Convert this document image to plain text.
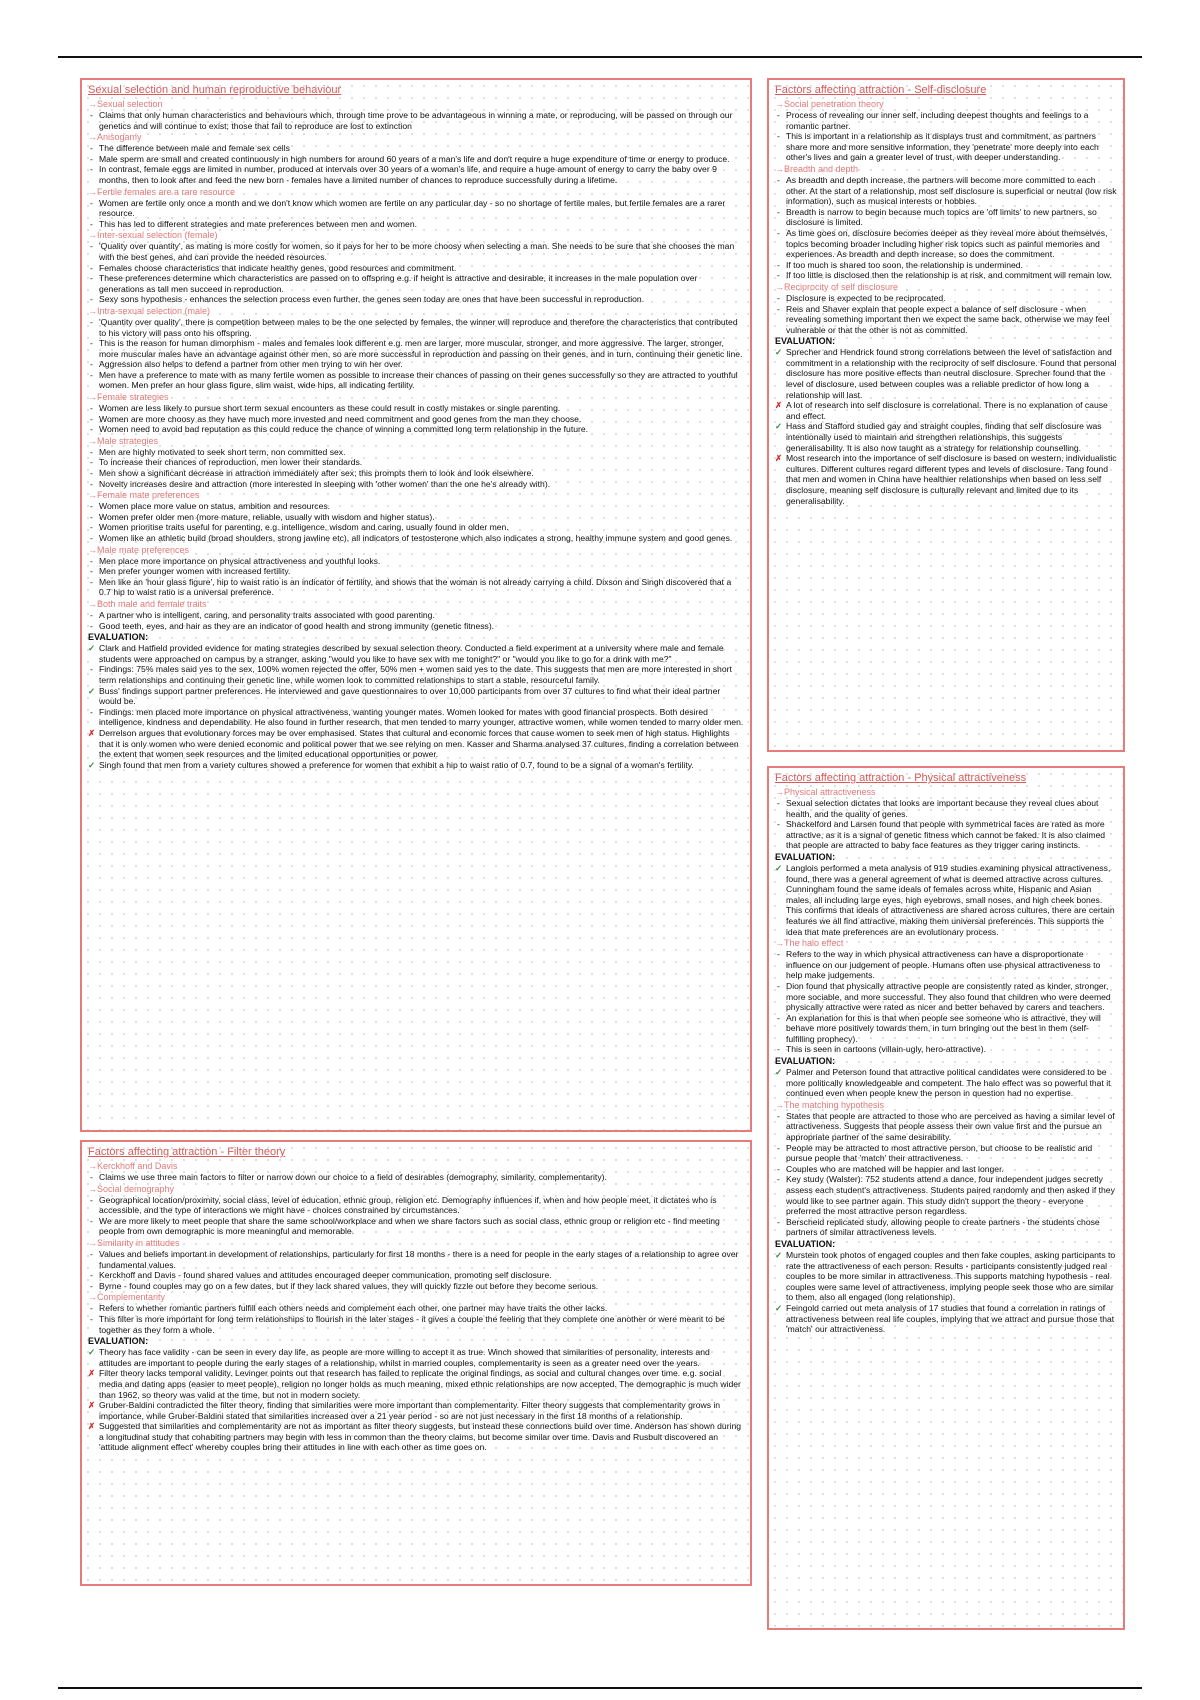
Sexual selection and human reproductive behaviour
→ Sexual selection
- Claims that only human characteristics and behaviours which, through time prove to be advantageous in winning a mate, or reproducing, will be passed on through our genetics and will continue to exist; those that fail to reproduce are lost to extinction
→ Anisogamy
- The difference between male and female sex cells
- Male sperm are small and created continuously in high numbers for around 60 years of a man's life and don't require a huge expenditure of time or energy to produce.
- In contrast, female eggs are limited in number, produced at intervals over 30 years of a woman's life, and require a huge amount of energy to carry the baby over 9 months, then to look after and feed the new born - females have a limited number of chances to reproduce successfully during a lifetime.
→ Fertile females are a rare resource
- Women are fertile only once a month and we don't know which women are fertile on any particular day - so no shortage of fertile males, but fertile females are a rarer resource.
- This has led to different strategies and mate preferences between men and women.
→ Inter-sexual selection (female)
- 'Quality over quantity', as mating is more costly for women, so it pays for her to be more choosy when selecting a man. She needs to be sure that she chooses the man with the best genes, and can provide the needed resources.
- Females choose characteristics that indicate healthy genes, good resources and commitment.
- These preferences determine which characteristics are passed on to offspring e.g. if height is attractive and desirable, it increases in the male population over generations as tall men succeed in reproduction.
- Sexy sons hypothesis - enhances the selection process even further, the genes seen today are ones that have been successful in reproduction.
→ Intra-sexual selection (male)
- 'Quantity over quality', there is competition between males to be the one selected by females, the winner will reproduce and therefore the characteristics that contributed to his victory will pass onto his offspring.
- This is the reason for human dimorphism - males and females look different e.g. men are larger, more muscular, stronger, and more aggressive. The larger, stronger, more muscular males have an advantage against other men, so are more successful in reproduction and passing on their genes, and in turn, continuing their genetic line.
- Aggression also helps to defend a partner from other men trying to win her over.
- Men have a preference to mate with as many fertile women as possible to increase their chances of passing on their genes successfully so they are attracted to youthful women. Men prefer an hour glass figure, slim waist, wide hips, all indicating fertility.
→ Female strategies
- Women are less likely to pursue short term sexual encounters as these could result in costly mistakes or single parenting.
- Women are more choosy as they have much more invested and need commitment and good genes from the man they choose.
- Women need to avoid bad reputation as this could reduce the chance of winning a committed long term relationship in the future.
→ Male strategies
- Men are highly motivated to seek short term, non committed sex.
- To increase their chances of reproduction, men lower their standards.
- Men show a significant decrease in attraction immediately after sex; this prompts them to look and look elsewhere.
- Novelty increases desire and attraction (more interested in sleeping with 'other women' than the one he's already with).
→ Female mate preferences
- Women place more value on status, ambition and resources.
- Women prefer older men (more mature, reliable, usually with wisdom and higher status).
- Women prioritise traits useful for parenting, e.g. intelligence, wisdom and caring, usually found in older men.
- Women like an athletic build (broad shoulders, strong jawline etc), all indicators of testosterone which also indicates a strong, healthy immune system and good genes.
→ Male mate preferences
- Men place more importance on physical attractiveness and youthful looks.
- Men prefer younger women with increased fertility.
- Men like an 'hour glass figure', hip to waist ratio is an indicator of fertility, and shows that the woman is not already carrying a child. Dixson and Singh discovered that a 0.7 hip to waist ratio is a universal preference.
→ Both male and female traits
- A partner who is intelligent, caring, and personality traits associated with good parenting.
- Good teeth, eyes, and hair as they are an indicator of good health and strong immunity (genetic fitness).
EVALUATION:
✓ Clark and Hatfield provided evidence for mating strategies described by sexual selection theory. Conducted a field experiment at a university where male and female students were approached on campus by a stranger, asking "would you like to have sex with me tonight?" or "would you like to go for a drink with me?"
- Findings: 75% males said yes to the sex, 100% women rejected the offer, 50% men + women said yes to the date. This suggests that men are more interested in short term relationships and continuing their genetic line, while women look to committed relationships to start a stable, resourceful family.
✓ Buss' findings support partner preferences. He interviewed and gave questionnaires to over 10,000 participants from over 37 cultures to find what their ideal partner would be.
- Findings: men placed more importance on physical attractiveness, wanting younger mates. Women looked for mates with good financial prospects. Both desired intelligence, kindness and dependability. He also found in further research, that men tended to marry younger, attractive women, while women tended to marry older men.
✗ Derrelson argues that evolutionary forces may be over emphasised. States that cultural and economic forces that cause women to seek men of high status. Highlights that it is only women who were denied economic and political power that we see relying on men. Kasser and Sharma analysed 37 cultures, finding a correlation between the extent that women seek resources and the limited educational opportunities or power.
✓ Singh found that men from a variety cultures showed a preference for women that exhibit a hip to waist ratio of 0.7, found to be a signal of a woman's fertility.
Factors affecting attraction - Self-disclosure
→ Social penetration theory
- Process of revealing our inner self, including deepest thoughts and feelings to a romantic partner.
- This is important in a relationship as it displays trust and commitment, as partners share more and more sensitive information, they 'penetrate' more deeply into each other's lives and gain a greater level of trust, with deeper understanding.
→ Breadth and depth
- As breadth and depth increase, the partners will become more committed to each other. At the start of a relationship, most self disclosure is superficial or neutral (low risk information), such as musical interests or hobbies.
- Breadth is narrow to begin because much topics are 'off limits' to new partners, so disclosure is limited.
- As time goes on, disclosure becomes deeper as they reveal more about themselves, topics becoming broader including higher risk topics such as painful memories and experiences. As breadth and depth increase, so does the commitment.
- If too much is shared too soon, the relationship is undermined.
- If too little is disclosed then the relationship is at risk, and commitment will remain low.
→ Reciprocity of self disclosure
- Disclosure is expected to be reciprocated.
- Reis and Shaver explain that people expect a balance of self disclosure - when revealing something important then we expect the same back, otherwise we may feel vulnerable or that the other is not as committed.
EVALUATION:
✓ Sprecher and Hendrick found strong correlations between the level of satisfaction and commitment in a relationship with the reciprocity of self disclosure. Found that personal disclosure has more positive effects than neutral disclosure. Sprecher found that the level of disclosure, used between couples was a reliable predictor of how long a relationship will last.
✗ A lot of research into self disclosure is correlational. There is no explanation of cause and effect.
✓ Hass and Stafford studied gay and straight couples, finding that self disclosure was intentionally used to maintain and strengthen relationships, this suggests generalisability. It is also now taught as a strategy for relationship counselling.
✗ Most research into the importance of self disclosure is based on western, individualistic cultures. Different cultures regard different types and levels of disclosure. Tang found that men and women in China have healthier relationships when based on less self disclosure, meaning self disclosure is culturally relevant and limited due to its generalisability.
Factors affecting attraction - Physical attractiveness
→ Physical attractiveness
- Sexual selection dictates that looks are important because they reveal clues about health, and the quality of genes.
- Shackelford and Larsen found that people with symmetrical faces are rated as more attractive, as it is a signal of genetic fitness which cannot be faked. It is also claimed that people are attracted to baby face features as they trigger caring instincts.
EVALUATION:
✓ Langlois performed a meta analysis of 919 studies examining physical attractiveness, found, there was a general agreement of what is deemed attractive across cultures. Cunningham found the same ideals of females across white, Hispanic and Asian males, all including large eyes, high eyebrows, small noses, and high cheek bones. This confirms that ideals of attractiveness are shared across cultures, there are certain features we all find attractive, making them universal preferences. This supports the idea that mate preferences are an evolutionary process.
→ The halo effect
- Refers to the way in which physical attractiveness can have a disproportionate influence on our judgement of people. Humans often use physical attractiveness to help make judgements.
- Dion found that physically attractive people are consistently rated as kinder, stronger, more sociable, and more successful. They also found that children who were deemed physically attractive were rated as nicer and better behaved by carers and teachers.
- An explanation for this is that when people see someone who is attractive, they will behave more positively towards them, in turn bringing out the best in them (self-fulfilling prophecy).
- This is seen in cartoons (villain-ugly, hero-attractive).
EVALUATION:
✓ Palmer and Peterson found that attractive political candidates were considered to be more politically knowledgeable and competent. The halo effect was so powerful that it continued even when people knew the person in question had no expertise.
→ The matching hypothesis
- States that people are attracted to those who are perceived as having a similar level of attractiveness. Suggests that people assess their own value first and the pursue an appropriate partner of the same desirability.
- People may be attracted to most attractive person, but choose to be realistic and pursue people that 'match' their attractiveness.
- Couples who are matched will be happier and last longer.
- Key study (Walster): 752 students attend a dance, four independent judges secretly assess each student's attractiveness. Students paired randomly and then asked if they would like to see partner again. This study didn't support the theory - everyone preferred the most attractive person regardless.
- Berscheid replicated study, allowing people to create partners - the students chose partners of similar attractiveness levels.
EVALUATION:
✓ Murstein took photos of engaged couples and then fake couples, asking participants to rate the attractiveness of each person. Results - participants consistently judged real couples to be more similar in attractiveness. This supports matching hypothesis - real couples were same level of attractiveness, implying people seek those who are similar to them, also all engaged (long relationship).
✓ Feingold carried out meta analysis of 17 studies that found a correlation in ratings of attractiveness between real life couples, implying that we attract and pursue those that 'match' our attractiveness.
Factors affecting attraction - Filter theory
→ Kerckhoff and Davis
- Claims we use three main factors to filter or narrow down our choice to a field of desirables (demography, similarity, complementarity).
→ Social demography
- Geographical location/proximity, social class, level of education, ethnic group, religion etc. Demography influences if, when and how people meet, it dictates who is accessible, and the type of interactions we might have - choices constrained by circumstances.
- We are more likely to meet people that share the same school/workplace and when we share factors such as social class, ethnic group or religion etc - find meeting people from own demographic is more meaningful and memorable.
→ Similarity in attitudes
- Values and beliefs important in development of relationships, particularly for first 18 months - there is a need for people in the early stages of a relationship to agree over fundamental values.
- Kerckhoff and Davis - found shared values and attitudes encouraged deeper communication, promoting self disclosure.
- Byrne - found couples may go on a few dates, but if they lack shared values, they will quickly fizzle out before they become serious.
→ Complementarity
- Refers to whether romantic partners fulfill each others needs and complement each other, one partner may have traits the other lacks.
- This filter is more important for long term relationships to flourish in the later stages - it gives a couple the feeling that they complete one another or were meant to be together as they form a whole.
EVALUATION:
✓ Theory has face validity - can be seen in every day life, as people are more willing to accept it as true. Winch showed that similarities of personality, interests and attitudes are important to people during the early stages of a relationship, whilst in married couples, complementarity is seen as a greater need over the years.
✗ Filter theory lacks temporal validity. Levinger points out that research has failed to replicate the original findings, as social and cultural changes over time. e.g. social media and dating apps (easier to meet people), religion no longer holds as much meaning, mixed ethnic relationships are now accepted. The demographic is much wider than 1962, so theory was valid at the time, but not in modern society.
✗ Gruber-Baldini contradicted the filter theory, finding that similarities were more important than complementarity. Filter theory suggests that complementarity grows in importance, while Gruber-Baldini stated that similarities increased over a 21 year period - so are not just necessary in the first 18 months of a relationship.
✗ Suggested that similarities and complementarity are not as important as filter theory suggests, but instead these connections build over time. Anderson has shown during a longitudinal study that cohabiting partners may begin with less in common than the theory claims, but become similar over time. Davis and Rusbult discovered an 'attitude alignment effect' whereby couples bring their attitudes in line with each other as time goes on.
